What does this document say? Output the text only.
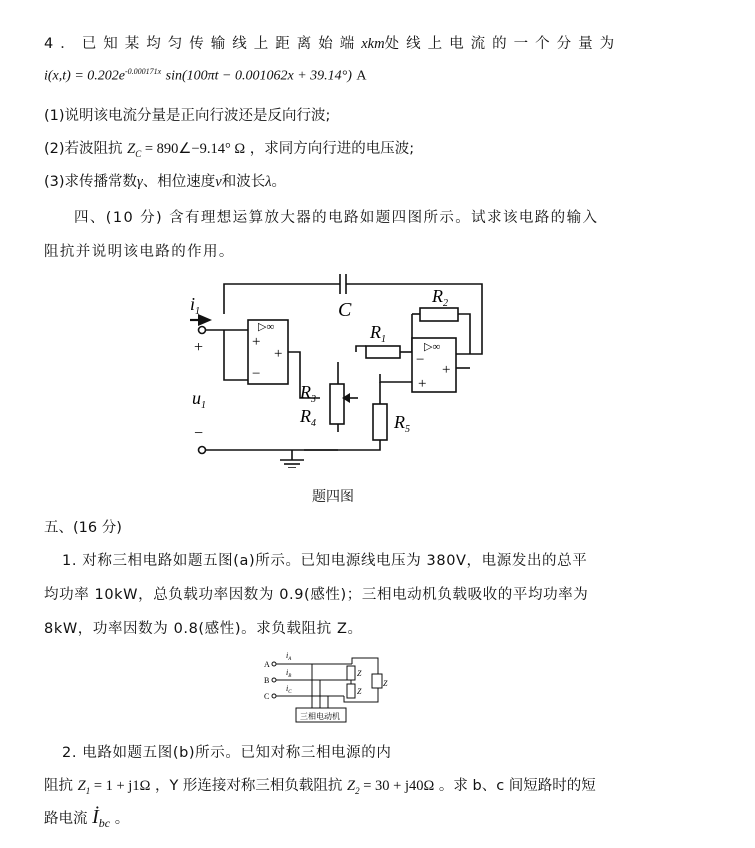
4．已知某均匀传输线上距离始端xkm处线上电流的一个分量为
$i(x,t) = 0.202e^{-0.000171x}$ sin(100πt − 0.001062x + 39.14°) A
(1)说明该电流分量是正向行波还是反向行波;
(2)若波阻抗 $Z_C$ = 890∠−9.14° Ω ，求同方向行进的电压波;
(3)求传播常数γ、相位速度v和波长λ。
四、(10 分) 含有理想运算放大器的电路如题四图所示。试求该电路的输入
阻抗并说明该电路的作用。
$i_1$
+
$u_1$
−
C
$R_2$
$R_1$
$R_3$
$R_4$	$R_5$
▷∞
+
−
+	▷∞
−
+
+
题四图
五、(16 分)
1. 对称三相电路如题五图(a)所示。已知电源线电压为 380V，电源发出的总平
均功率 10kW，总负载功率因数为 0.9(感性)；三相电动机负载吸收的平均功率为
8kW，功率因数为 0.8(感性)。求负载阻抗 Z。
A
B
C
$i_A$
$i_B$
$i_C$
Z
Z
Z
三相电动机
2. 电路如题五图(b)所示。已知对称三相电源的内
阻抗 $Z_1 = 1 + j1\Omega$ ，Y 形连接对称三相负载阻抗 $Z_2 = 30 + j40\Omega$ 。求 b、c 间短路时的短
路电流 $İ_{bc}$ 。
